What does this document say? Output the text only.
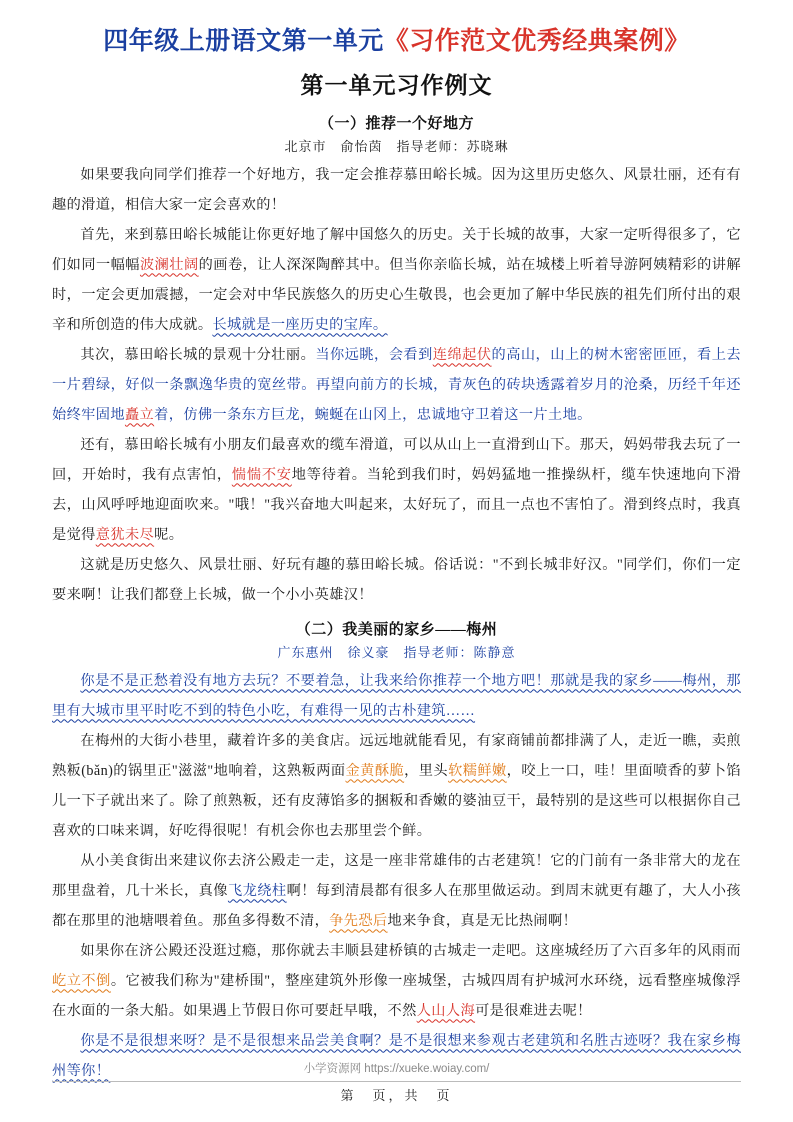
四年级上册语文第一单元《习作范文优秀经典案例》
第一单元习作例文
（一）推荐一个好地方
北京市 俞怡茵 指导老师：苏晓琳

如果要我向同学们推荐一个好地方，我一定会推荐慕田峪长城。因为这里历史悠久、风景壮丽，还有有趣的滑道，相信大家一定会喜欢的！

首先，来到慕田峪长城能让你更好地了解中国悠久的历史。关于长城的故事，大家一定听得很多了，它们如同一幅幅波澜壮阔的画卷，让人深深陶醉其中。但当你亲临长城，站在城楼上听着导游阿姨精彩的讲解时，一定会更加震撼，一定会对中华民族悠久的历史心生敬畏，也会更加了解中华民族的祖先们所付出的艰辛和所创造的伟大成就。长城就是一座历史的宝库。

其次，慕田峪长城的景观十分壮丽。当你远眺，会看到连绵起伏的高山，山上的树木密密匝匝，看上去一片碧绿，好似一条飘逸华贵的宽丝带。再望向前方的长城，青灰色的砖块透露着岁月的沧桑，历经千年还始终牢固地矗立着，仿佛一条东方巨龙，蜿蜒在山冈上，忠诚地守卫着这一片土地。

还有，慕田峪长城有小朋友们最喜欢的缆车滑道，可以从山上一直滑到山下。那天，妈妈带我去玩了一回，开始时，我有点害怕，惴惴不安地等待着。当轮到我们时，妈妈猛地一推操纵杆，缆车快速地向下滑去，山风呼呼地迎面吹来。"哦！"我兴奋地大叫起来，太好玩了，而且一点也不害怕了。滑到终点时，我真是觉得意犹未尽呢。

这就是历史悠久、风景壮丽、好玩有趣的慕田峪长城。俗话说："不到长城非好汉。"同学们，你们一定要来啊！让我们都登上长城，做一个小小英雄汉！

（二）我美丽的家乡——梅州
广东惠州 徐义豪 指导老师：陈静意

你是不是正愁着没有地方去玩？不要着急，让我来给你推荐一个地方吧！那就是我的家乡——梅州，那里有大城市里平时吃不到的特色小吃，有难得一见的古朴建筑……

在梅州的大街小巷里，藏着许多的美食店。远远地就能看见，有家商铺前都排满了人，走近一瞧，卖煎熟粄(bǎn)的锅里正"滋滋"地响着，这熟粄两面金黄酥脆，里头软糯鲜嫩，咬上一口，哇！里面喷香的萝卜馅儿一下子就出来了。除了煎熟粄，还有皮薄馅多的捆粄和香嫩的婆油豆干，最特别的是这些可以根据你自己喜欢的口味来调，好吃得很呢！有机会你也去那里尝个鲜。

从小美食街出来建议你去济公殿走一走，这是一座非常雄伟的古老建筑！它的门前有一条非常大的龙在那里盘着，几十米长，真像飞龙绕柱啊！每到清晨都有很多人在那里做运动。到周末就更有趣了，大人小孩都在那里的池塘喂着鱼。那鱼多得数不清，争先恐后地来争食，真是无比热闹啊！

如果你在济公殿还没逛过瘾，那你就去丰顺县建桥镇的古城走一走吧。这座城经历了六百多年的风雨而屹立不倒。它被我们称为"建桥围"，整座建筑外形像一座城堡，古城四周有护城河水环绕，远看整座城像浮在水面的一条大船。如果遇上节假日你可要赶早哦，不然人山人海可是很难进去呢！

你是不是很想来呀？是不是很想来品尝美食啊？是不是很想来参观古老建筑和名胜古迹呀？我在家乡梅州等你！	小学资源网 https://xueke.woiay.com/
第　页，共　页
